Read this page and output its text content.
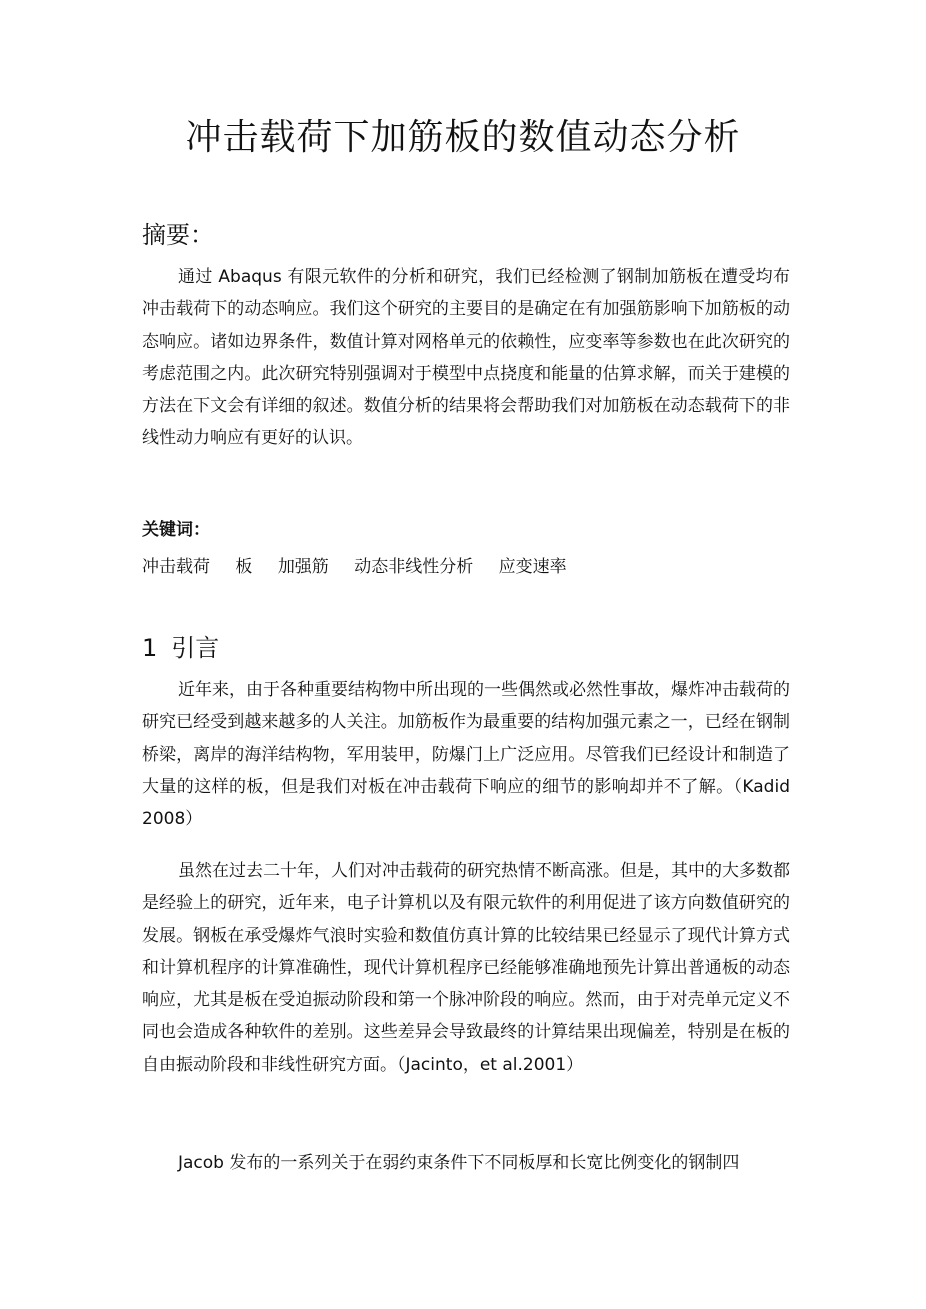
冲击载荷下加筋板的数值动态分析
摘要：

通过 Abaqus 有限元软件的分析和研究，我们已经检测了钢制加筋板在遭受均布冲击载荷下的动态响应。我们这个研究的主要目的是确定在有加强筋影响下加筋板的动态响应。诸如边界条件，数值计算对网格单元的依赖性，应变率等参数也在此次研究的考虑范围之内。此次研究特别强调对于模型中点挠度和能量的估算求解，而关于建模的方法在下文会有详细的叙述。数值分析的结果将会帮助我们对加筋板在动态载荷下的非线性动力响应有更好的认识。

关键词：
冲击载荷 板 加强筋 动态非线性分析 应变速率
1 引言

近年来，由于各种重要结构物中所出现的一些偶然或必然性事故，爆炸冲击载荷的研究已经受到越来越多的人关注。加筋板作为最重要的结构加强元素之一，已经在钢制桥梁，离岸的海洋结构物，军用装甲，防爆门上广泛应用。尽管我们已经设计和制造了大量的这样的板，但是我们对板在冲击载荷下响应的细节的影响却并不了解。（Kadid 2008）

虽然在过去二十年，人们对冲击载荷的研究热情不断高涨。但是，其中的大多数都是经验上的研究，近年来，电子计算机以及有限元软件的利用促进了该方向数值研究的发展。钢板在承受爆炸气浪时实验和数值仿真计算的比较结果已经显示了现代计算方式和计算机程序的计算准确性，现代计算机程序已经能够准确地预先计算出普通板的动态响应，尤其是板在受迫振动阶段和第一个脉冲阶段的响应。然而，由于对壳单元定义不同也会造成各种软件的差别。这些差异会导致最终的计算结果出现偏差，特别是在板的自由振动阶段和非线性研究方面。（Jacinto，et al.2001）

Jacob 发布的一系列关于在弱约束条件下不同板厚和长宽比例变化的钢制四
